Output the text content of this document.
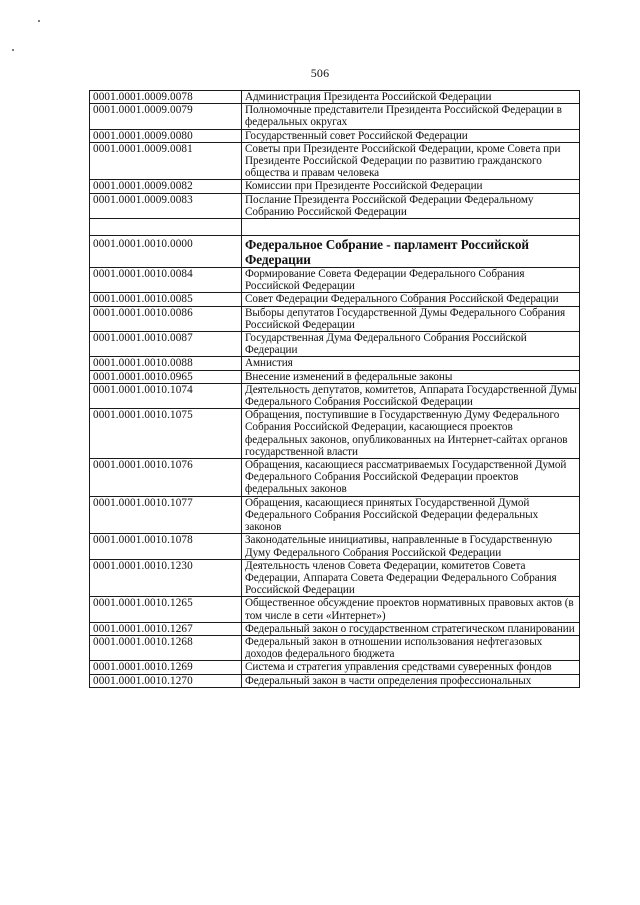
506
0001.0001.0009.0078	Администрация Президента Российской Федерации
0001.0001.0009.0079	Полномочные представители Президента Российской Федерации в федеральных округах
0001.0001.0009.0080	Государственный совет Российской Федерации
0001.0001.0009.0081	Советы при Президенте Российской Федерации, кроме Совета при Президенте Российской Федерации по развитию гражданского общества и правам человека
0001.0001.0009.0082	Комиссии при Президенте Российской Федерации
0001.0001.0009.0083	Послание Президента Российской Федерации Федеральному Собранию Российской Федерации

0001.0001.0010.0000	Федеральное Собрание - парламент Российской Федерации
0001.0001.0010.0084	Формирование Совета Федерации Федерального Собрания Российской Федерации
0001.0001.0010.0085	Совет Федерации Федерального Собрания Российской Федерации
0001.0001.0010.0086	Выборы депутатов Государственной Думы Федерального Собрания Российской Федерации
0001.0001.0010.0087	Государственная Дума Федерального Собрания Российской Федерации
0001.0001.0010.0088	Амнистия
0001.0001.0010.0965	Внесение изменений в федеральные законы
0001.0001.0010.1074	Деятельность депутатов, комитетов, Аппарата Государственной Думы Федерального Собрания Российской Федерации
0001.0001.0010.1075	Обращения, поступившие в Государственную Думу Федерального Собрания Российской Федерации, касающиеся проектов федеральных законов, опубликованных на Интернет-сайтах органов государственной власти
0001.0001.0010.1076	Обращения, касающиеся рассматриваемых Государственной Думой Федерального Собрания Российской Федерации проектов федеральных законов
0001.0001.0010.1077	Обращения, касающиеся принятых Государственной Думой Федерального Собрания Российской Федерации федеральных законов
0001.0001.0010.1078	Законодательные инициативы, направленные в Государственную Думу Федерального Собрания Российской Федерации
0001.0001.0010.1230	Деятельность членов Совета Федерации, комитетов Совета Федерации, Аппарата Совета Федерации Федерального Собрания Российской Федерации
0001.0001.0010.1265	Общественное обсуждение проектов нормативных правовых актов (в том числе в сети «Интернет»)
0001.0001.0010.1267	Федеральный закон о государственном стратегическом планировании
0001.0001.0010.1268	Федеральный закон в отношении использования нефтегазовых доходов федерального бюджета
0001.0001.0010.1269	Система и стратегия управления средствами суверенных фондов
0001.0001.0010.1270	Федеральный закон в части определения профессиональных
